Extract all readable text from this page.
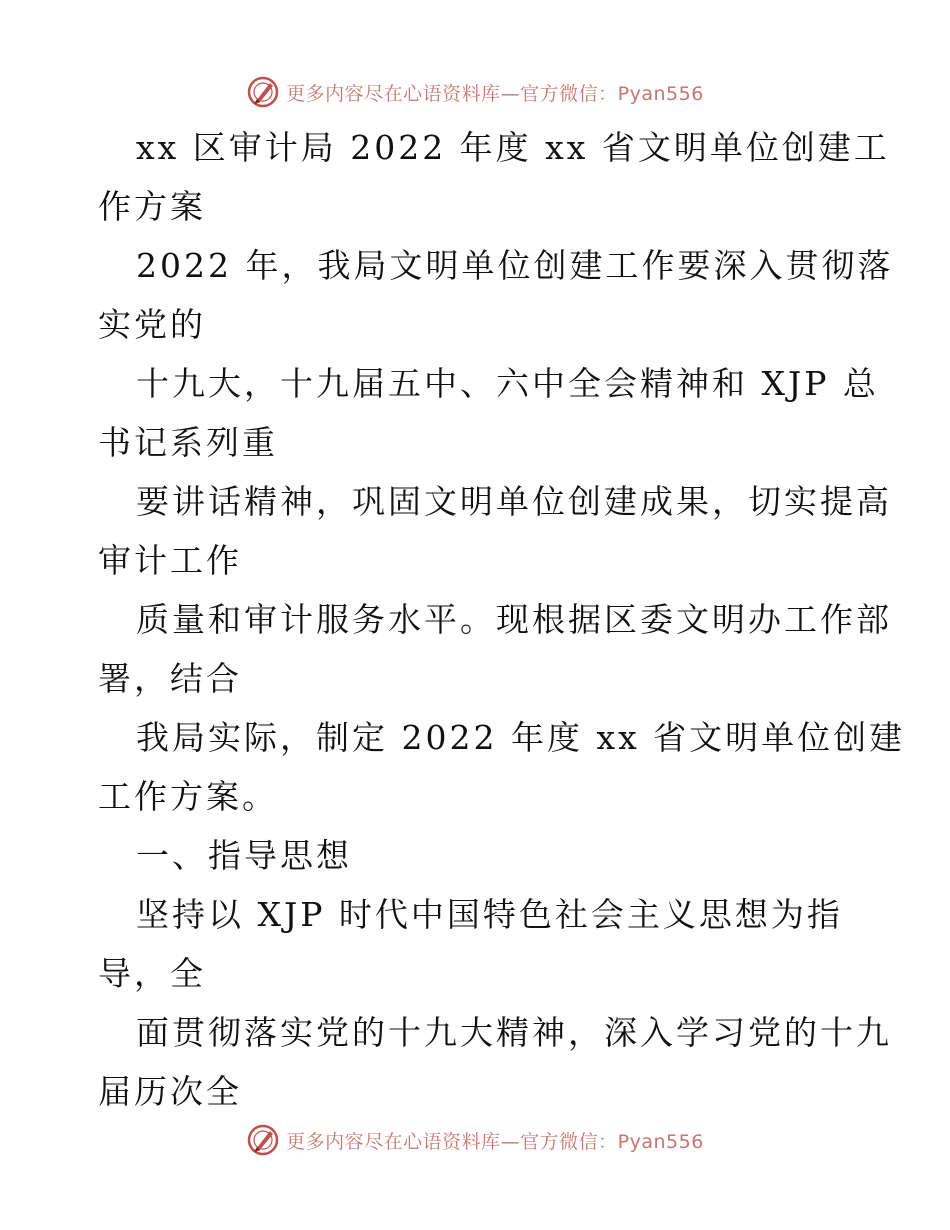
更多内容尽在心语资料库—官方微信：Pyan556
xx 区审计局 2022 年度 xx 省文明单位创建工
作方案
2022 年，我局文明单位创建工作要深入贯彻落
实党的
十九大，十九届五中、六中全会精神和 XJP 总
书记系列重
要讲话精神，巩固文明单位创建成果，切实提高
审计工作
质量和审计服务水平。现根据区委文明办工作部
署，结合
我局实际，制定 2022 年度 xx 省文明单位创建
工作方案。
一、指导思想
坚持以 XJP 时代中国特色社会主义思想为指
导，全
面贯彻落实党的十九大精神，深入学习党的十九
届历次全
更多内容尽在心语资料库—官方微信：Pyan556
